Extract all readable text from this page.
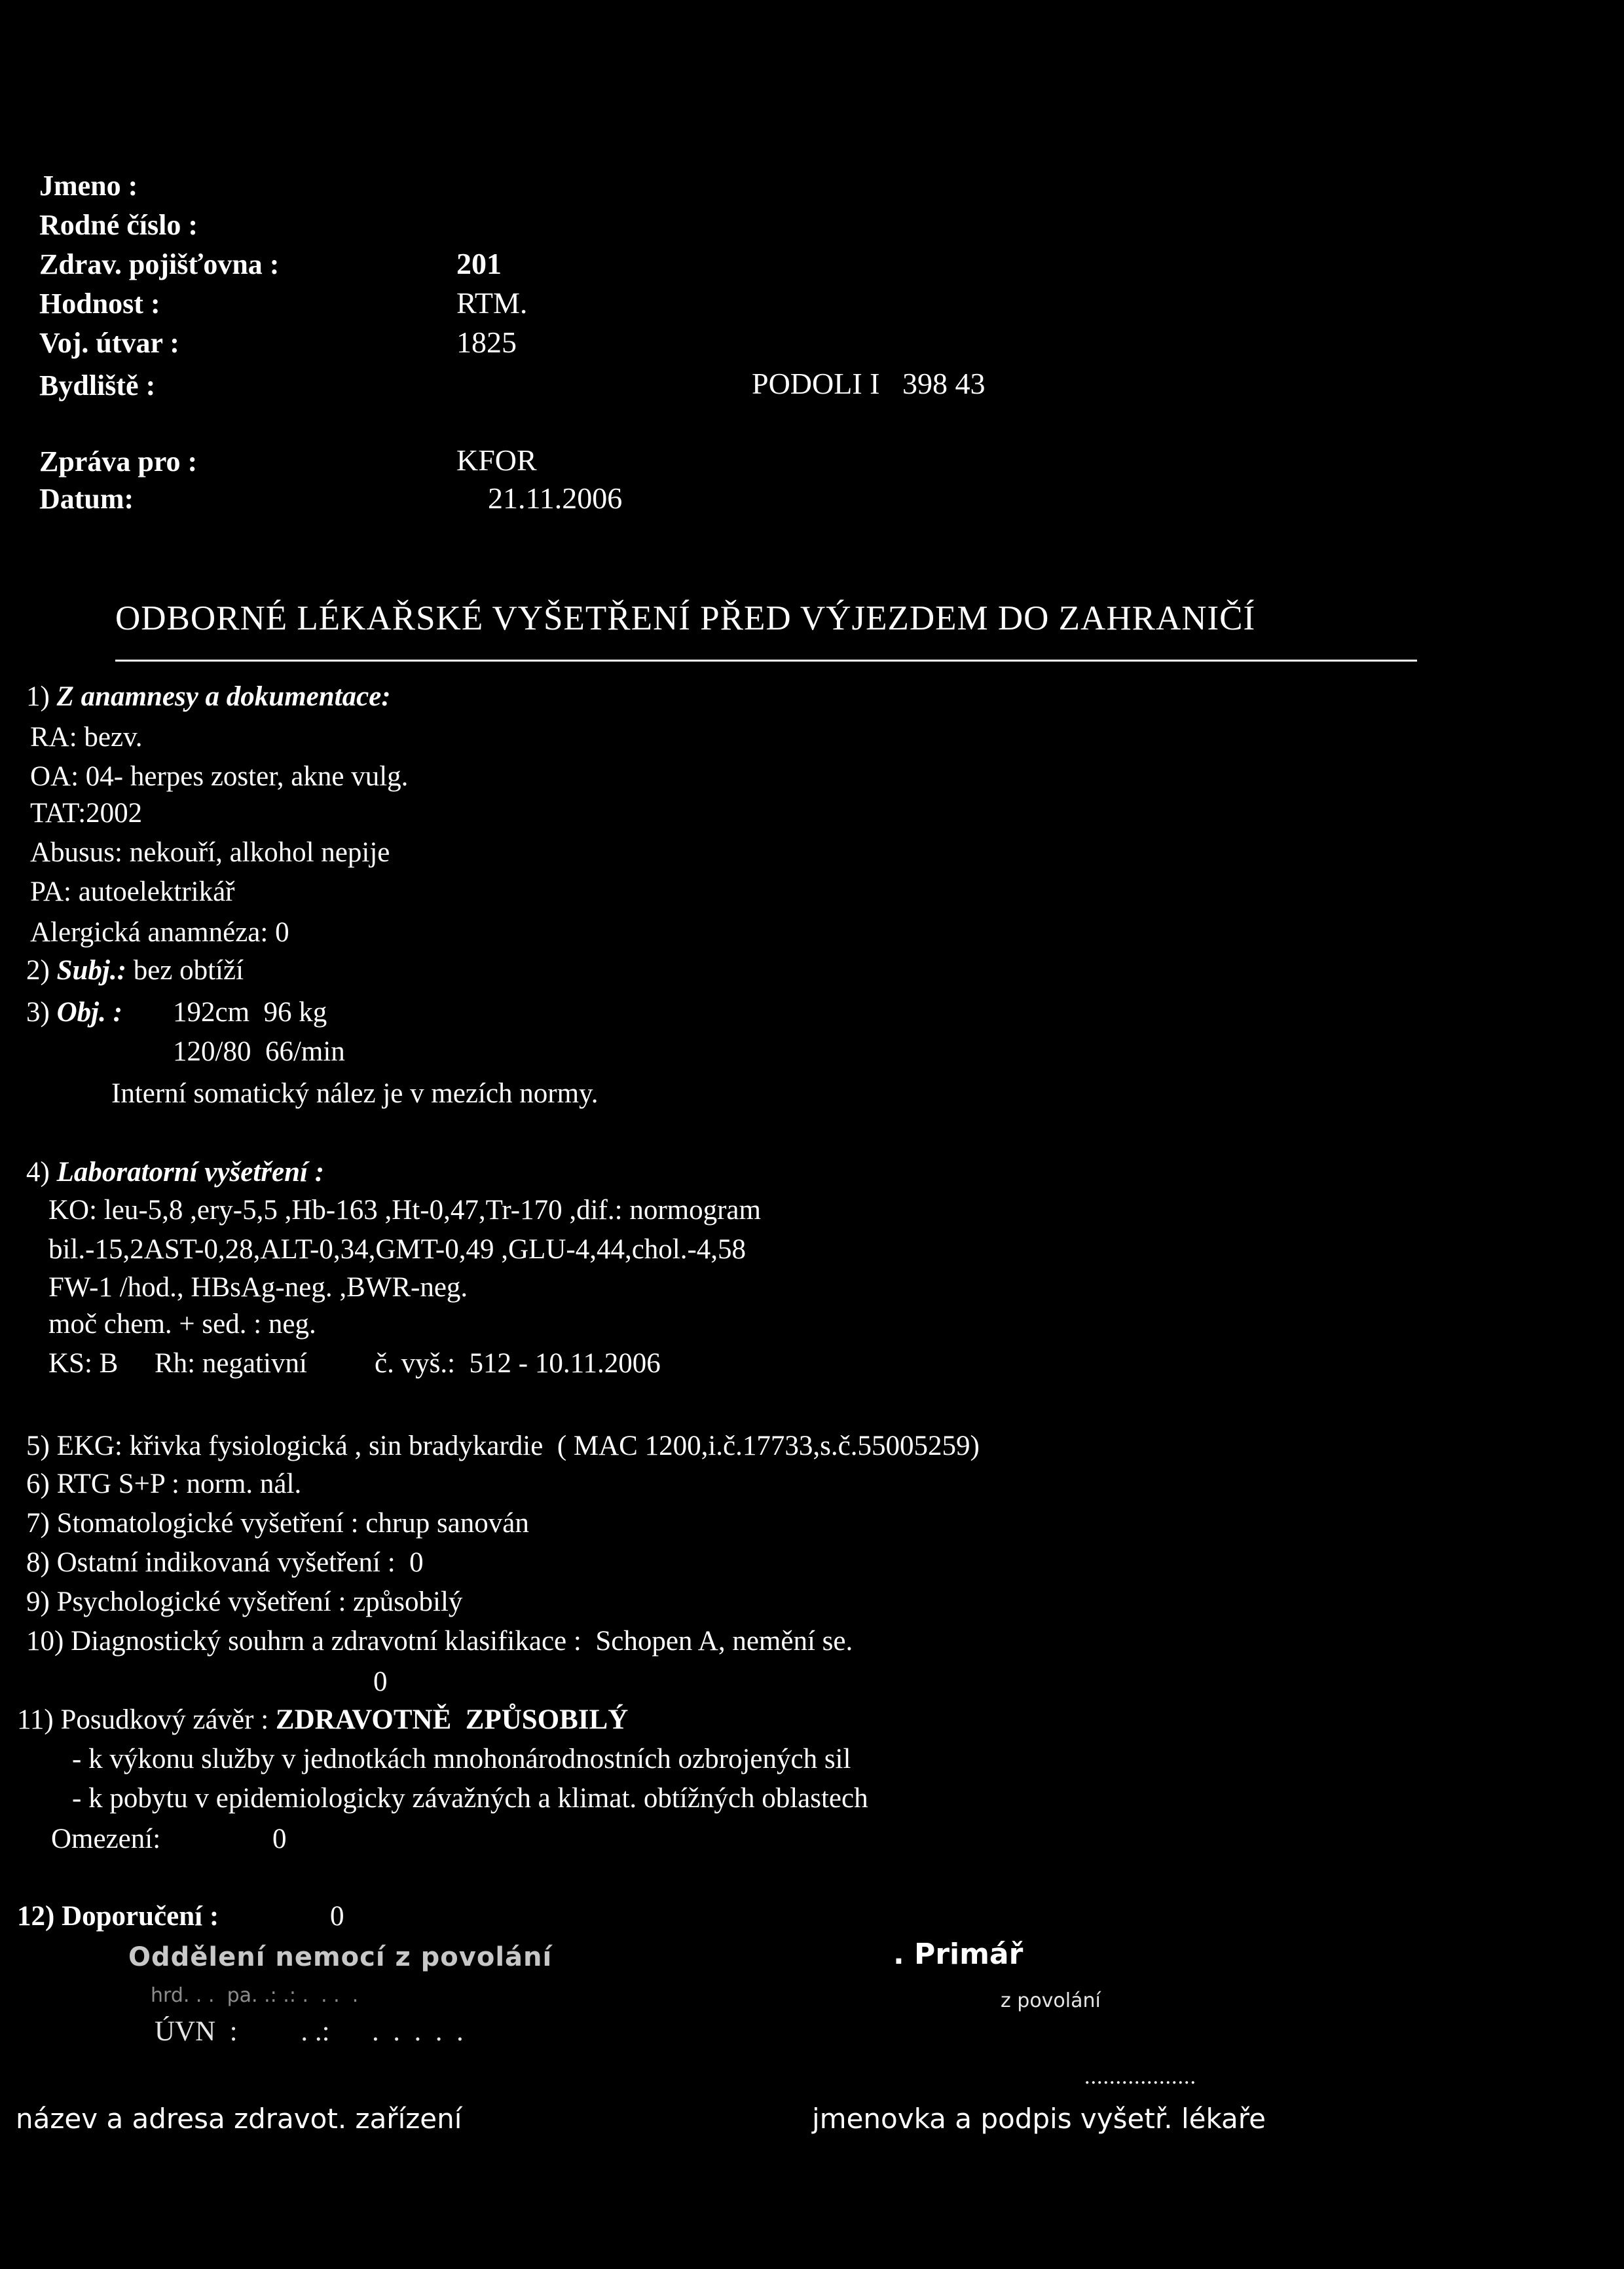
Jmeno :
Rodné číslo :
Zdrav. pojišťovna :	201
Hodnost :	RTM.
Voj. útvar :	1825
Bydliště :	PODOLI I   398 43
Zpráva pro :	KFOR
Datum:	21.11.2006
ODBORNÉ LÉKAŘSKÉ VYŠETŘENÍ PŘED VÝJEZDEM DO ZAHRANIČÍ
1) Z anamnesy a dokumentace:
RA: bezv.
OA: 04- herpes zoster, akne vulg.
TAT:2002
Abusus: nekouří, alkohol nepije
PA: autoelektrikář
Alergická anamnéza: 0
2) Subj.: bez obtíží
3) Obj. : 192cm  96 kg
120/80  66/min
Interní somatický nález je v mezích normy.
4) Laboratorní vyšetření :
KO: leu-5,8 ,ery-5,5 ,Hb-163 ,Ht-0,47,Tr-170 ,dif.: normogram
bil.-15,2AST-0,28,ALT-0,34,GMT-0,49 ,GLU-4,44,chol.-4,58
FW-1 /hod., HBsAg-neg. ,BWR-neg.
moč chem. + sed. : neg.
KS: B Rh: negativní č. vyš.:  512 - 10.11.2006
5) EKG: křivka fysiologická , sin bradykardie  ( MAC 1200,i.č.17733,s.č.55005259)
6) RTG S+P : norm. nál.
7) Stomatologické vyšetření : chrup sanován
8) Ostatní indikovaná vyšetření :  0
9) Psychologické vyšetření : způsobilý
10) Diagnostický souhrn a zdravotní klasifikace :  Schopen A, nemění se.
0
11) Posudkový závěr : ZDRAVOTNĚ  ZPŮSOBILÝ
- k výkonu služby v jednotkách mnohonárodnostních ozbrojených sil
- k pobytu v epidemiologicky závažných a klimat. obtížných oblastech
Omezení:	0
12) Doporučení :	0
Oddělení nemocí z povolání
hrd. . .  pa. .: .: .  . .  .
ÚVN  :         . .:      .  .  .  .  .
. Primář
z povolání
..................
název a adresa zdravot. zařízení	jmenovka a podpis vyšetř. lékaře
